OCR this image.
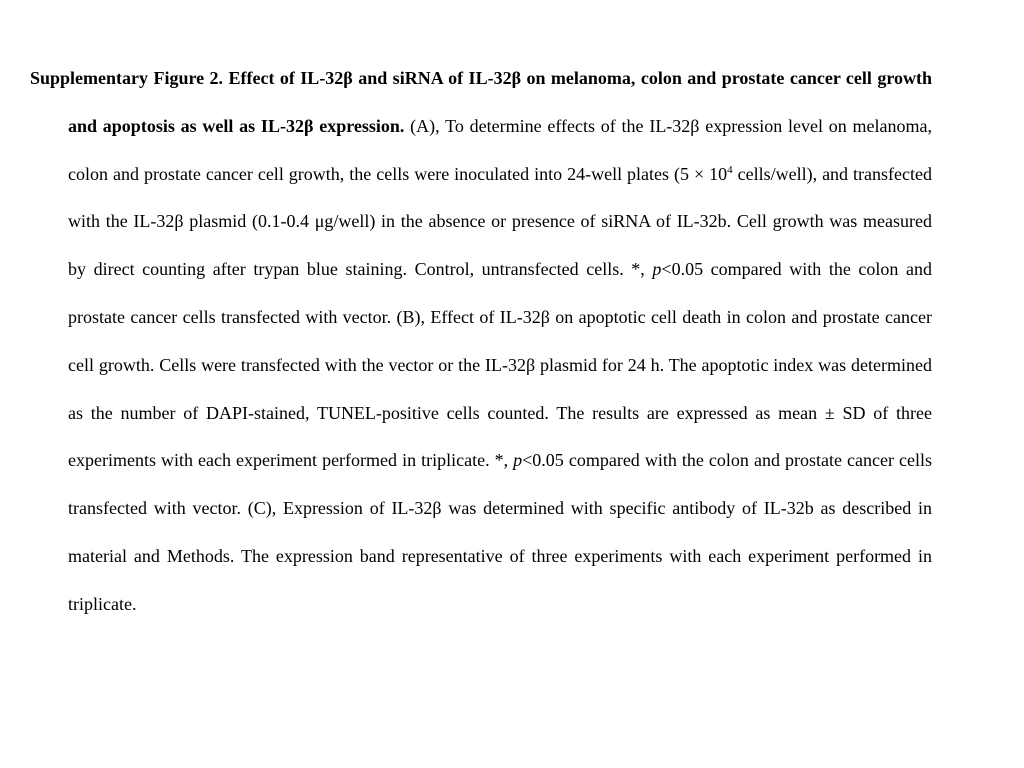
Supplementary Figure 2. Effect of IL-32β and siRNA of IL-32β on melanoma, colon and prostate cancer cell growth and apoptosis as well as IL-32β expression. (A), To determine effects of the IL-32β expression level on melanoma, colon and prostate cancer cell growth, the cells were inoculated into 24-well plates ($5 \times 10^4$ cells/well), and transfected with the IL-32β plasmid (0.1-0.4 μg/well) in the absence or presence of siRNA of IL-32b. Cell growth was measured by direct counting after trypan blue staining. Control, untransfected cells. *, p<0.05 compared with the colon and prostate cancer cells transfected with vector. (B), Effect of IL-32β on apoptotic cell death in colon and prostate cancer cell growth. Cells were transfected with the vector or the IL-32β plasmid for 24 h. The apoptotic index was determined as the number of DAPI-stained, TUNEL-positive cells counted. The results are expressed as mean ± SD of three experiments with each experiment performed in triplicate. *, p<0.05 compared with the colon and prostate cancer cells transfected with vector. (C), Expression of IL-32β was determined with specific antibody of IL-32b as described in material and Methods. The expression band representative of three experiments with each experiment performed in triplicate.
